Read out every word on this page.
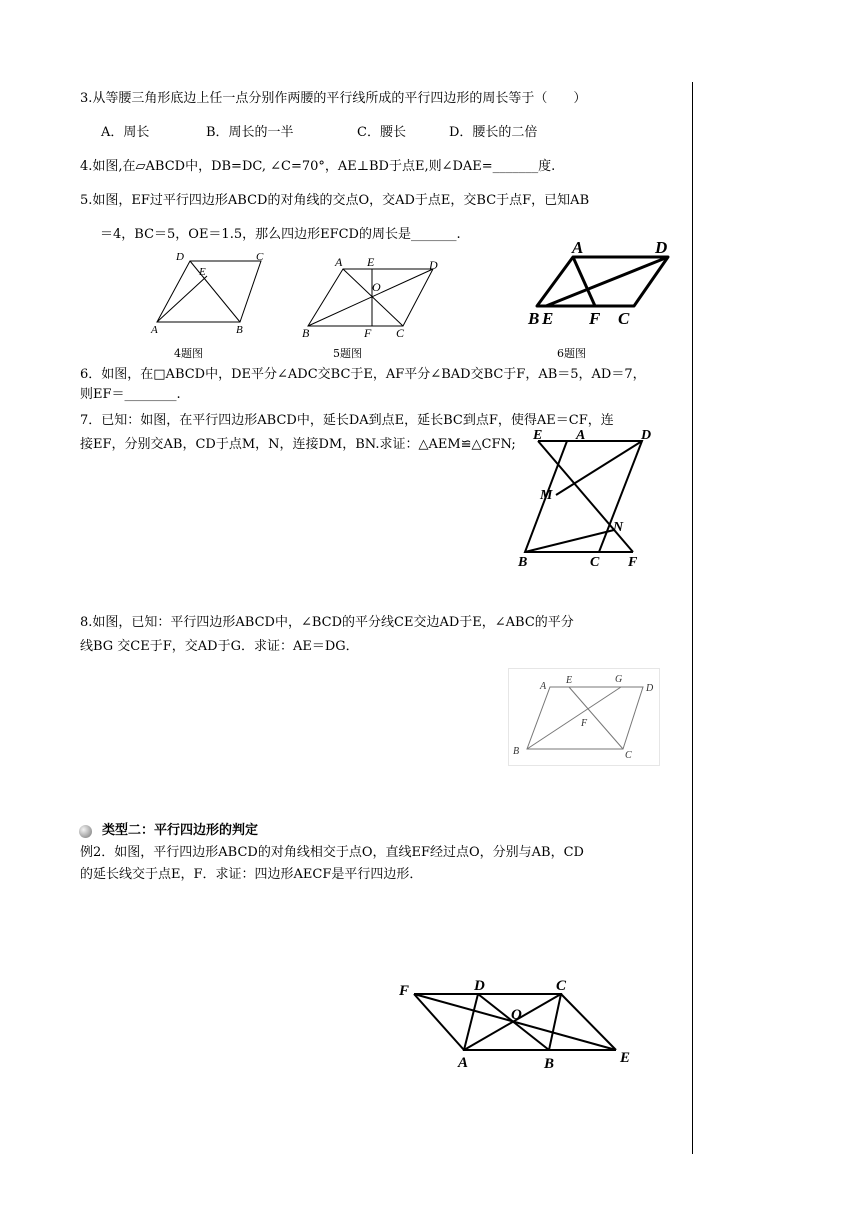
3.从等腰三角形底边上任一点分别作两腰的平行线所成的平行四边形的周长等于（　　）
A．周长	B．周长的一半	C．腰长	D．腰长的二倍
4.如图,在▱ABCD中，DB=DC, ∠C=70°，AE⊥BD于点E,则∠DAE=_______度.
5.如图，EF过平行四边形ABCD的对角线的交点O，交AD于点E，交BC于点F，已知AB
＝4，BC＝5，OE＝1.5，那么四边形EFCD的周长是_______.
D	C
E
A	B
4题图
A E	D
O
B	F C
5题图
A	D
B E F C
6题图
6．如图，在□ABCD中，DE平分∠ADC交BC于E，AF平分∠BAD交BC于F，AB＝5，AD＝7，
则EF＝________.
7．已知：如图，在平行四边形ABCD中，延长DA到点E，延长BC到点F，使得AE＝CF，连
接EF，分别交AB，CD于点M，N，连接DM，BN.求证：△AEM≌△CFN;
E A	D
M
N
B	C F
8.如图，已知：平行四边形ABCD中，∠BCD的平分线CE交边AD于E，∠ABC的平分
线BG 交CE于F，交AD于G．求证：AE＝DG．
A
E	G
D
F
B	C
类型二：平行四边形的判定
例2．如图，平行四边形ABCD的对角线相交于点O，直线EF经过点O，分别与AB，CD
的延长线交于点E，F．求证：四边形AECF是平行四边形．
F	D	C
O
A	B	E
